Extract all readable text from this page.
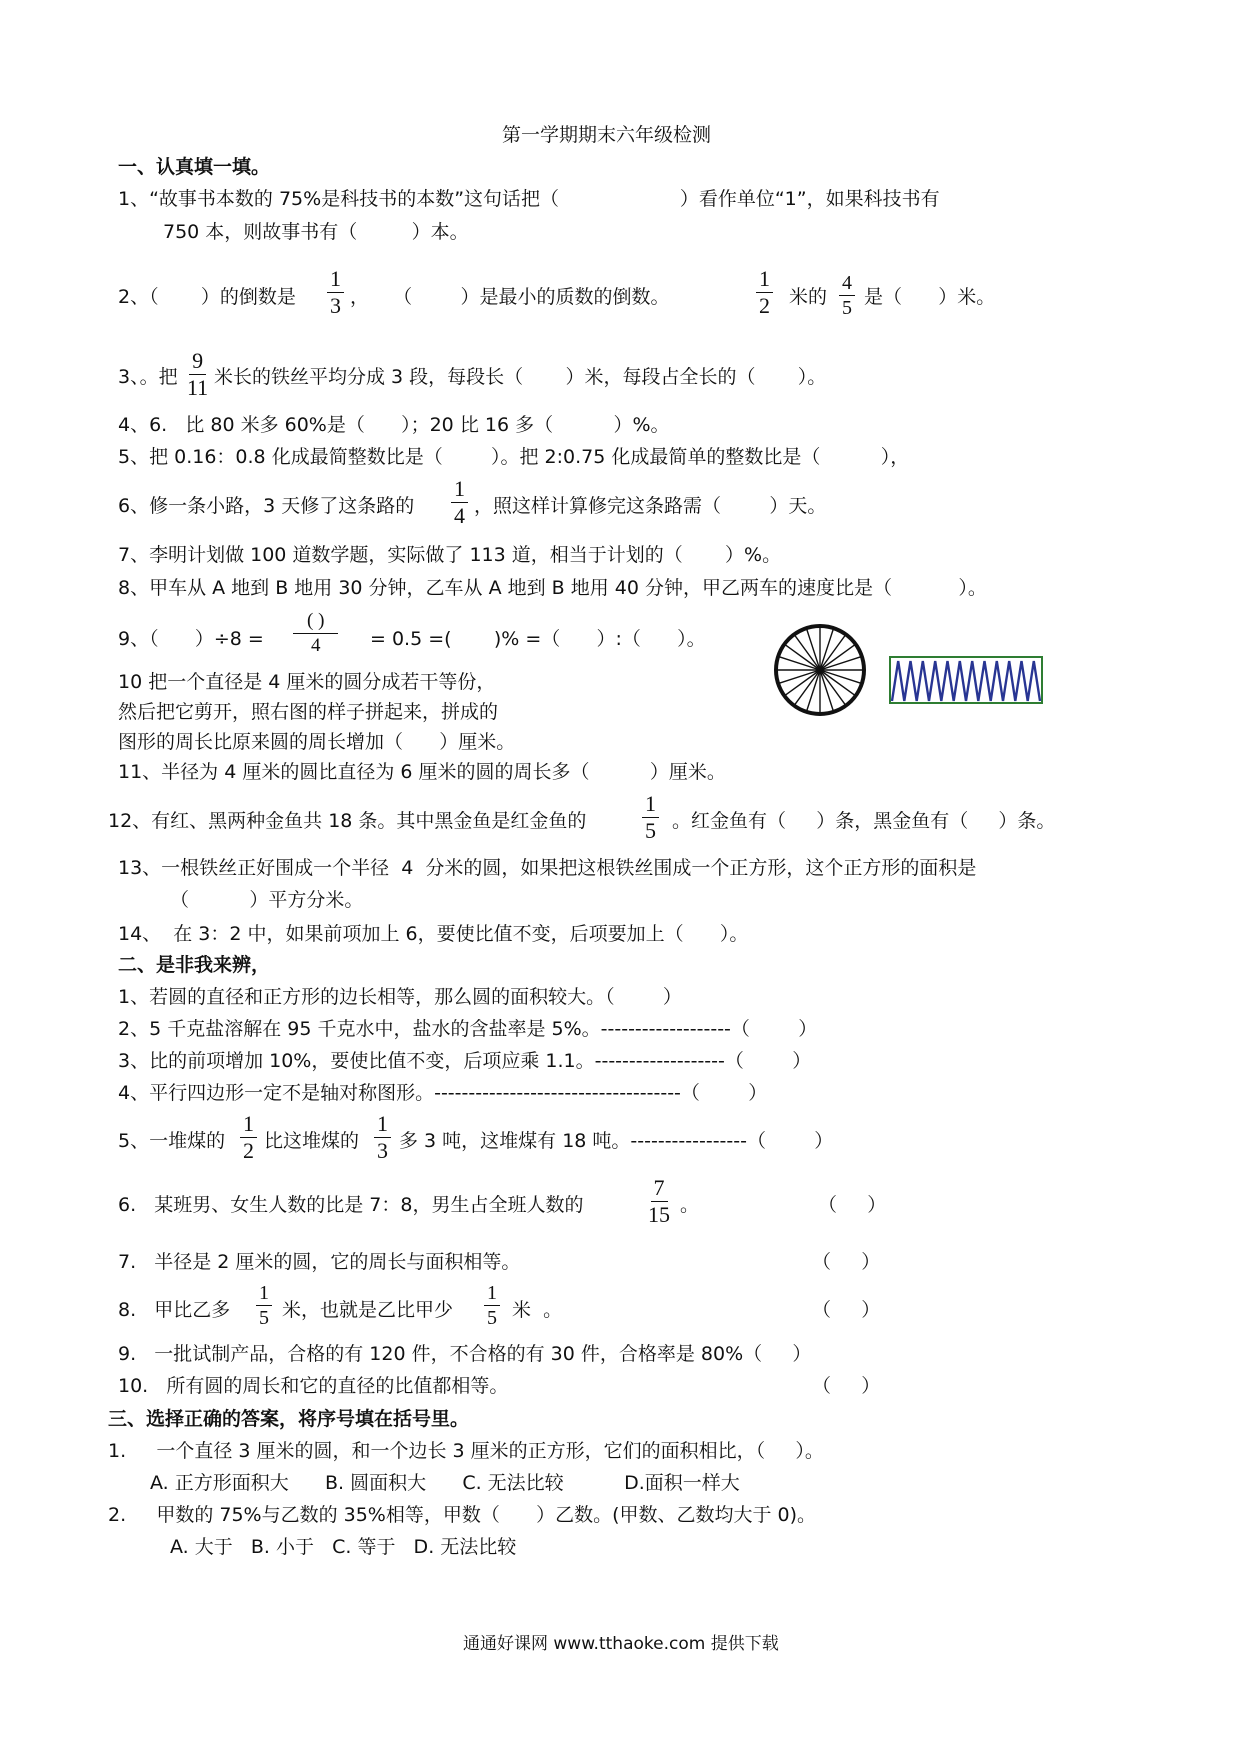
第一学期期末六年级检测
一、认真填一填。
1、“故事书本数的 75%是科技书的本数”这句话把（                    ）看作单位“1”，如果科技书有
750 本，则故事书有（         ）本。
2、（       ）的倒数是 $\frac{1}{3}$ ，    （        ）是最小的质数的倒数。	$\frac{1}{2}$ 米的 $\frac{4}{5}$ 是（      ）米。
3、。把 $\frac{9}{11}$ 米长的铁丝平均分成 3 段，每段长（       ）米，每段占全长的（       ）。
4、6.   比 80 米多 60%是（      ）；20 比 16 多（          ）%。
5、把 0.16：0.8 化成最简整数比是（        ）。把 2:0.75 化成最简单的整数比是（          ），
6、修一条小路，3 天修了这条路的 $\frac{1}{4}$ ，照这样计算修完这条路需（        ）天。
7、李明计划做 100 道数学题，实际做了 113 道，相当于计划的（       ）%。
8、甲车从 A 地到 B 地用 30 分钟，乙车从 A 地到 B 地用 40 分钟，甲乙两车的速度比是（           ）。
9、（      ）÷8 =
( )
4	= 0.5 =(       )% =（      ）:（      ）。
10 把一个直径是 4 厘米的圆分成若干等份，
然后把它剪开，照右图的样子拼起来，拼成的
图形的周长比原来圆的周长增加（      ）厘米。
11、半径为 4 厘米的圆比直径为 6 厘米的圆的周长多（          ）厘米。
12、有红、黑两种金鱼共 18 条。其中黑金鱼是红金鱼的	$\frac{1}{5}$ 。红金鱼有（     ）条，黑金鱼有（     ）条。
13、一根铁丝正好围成一个半径  4  分米的圆，如果把这根铁丝围成一个正方形，这个正方形的面积是
（          ）平方分米。
14、  在 3：2 中，如果前项加上 6，要使比值不变，后项要加上（      ）。
二、是非我来辨，
1、若圆的直径和正方形的边长相等，那么圆的面积较大。（        ）
2、5 千克盐溶解在 95 千克水中，盐水的含盐率是 5%。-------------------（        ）
3、比的前项增加 10%，要使比值不变，后项应乘 1.1。-------------------（        ）
4、平行四边形一定不是轴对称图形。------------------------------------（        ）
5、一堆煤的 $\frac{1}{2}$ 比这堆煤的 $\frac{1}{3}$ 多 3 吨，这堆煤有 18 吨。-----------------（        ）
6.   某班男、女生人数的比是 7：8，男生占全班人数的	$\frac{7}{15}$ 。	（     ）
7.   半径是 2 厘米的圆，它的周长与面积相等。	（     ）
8.   甲比乙多 $\frac{1}{5}$ 米，也就是乙比甲少 $\frac{1}{5}$ 米  。	（     ）
9.   一批试制产品，合格的有 120 件，不合格的有 30 件，合格率是 80%（     ）
10.   所有圆的周长和它的直径的比值都相等。	（     ）
三、选择正确的答案，将序号填在括号里。
1.     一个直径 3 厘米的圆，和一个边长 3 厘米的正方形，它们的面积相比，（     ）。
A. 正方形面积大      B. 圆面积大      C. 无法比较          D.面积一样大
2.     甲数的 75%与乙数的 35%相等，甲数（      ）乙数。(甲数、乙数均大于 0)。
A. 大于   B. 小于   C. 等于   D. 无法比较
通通好课网 www.tthaoke.com 提供下载
